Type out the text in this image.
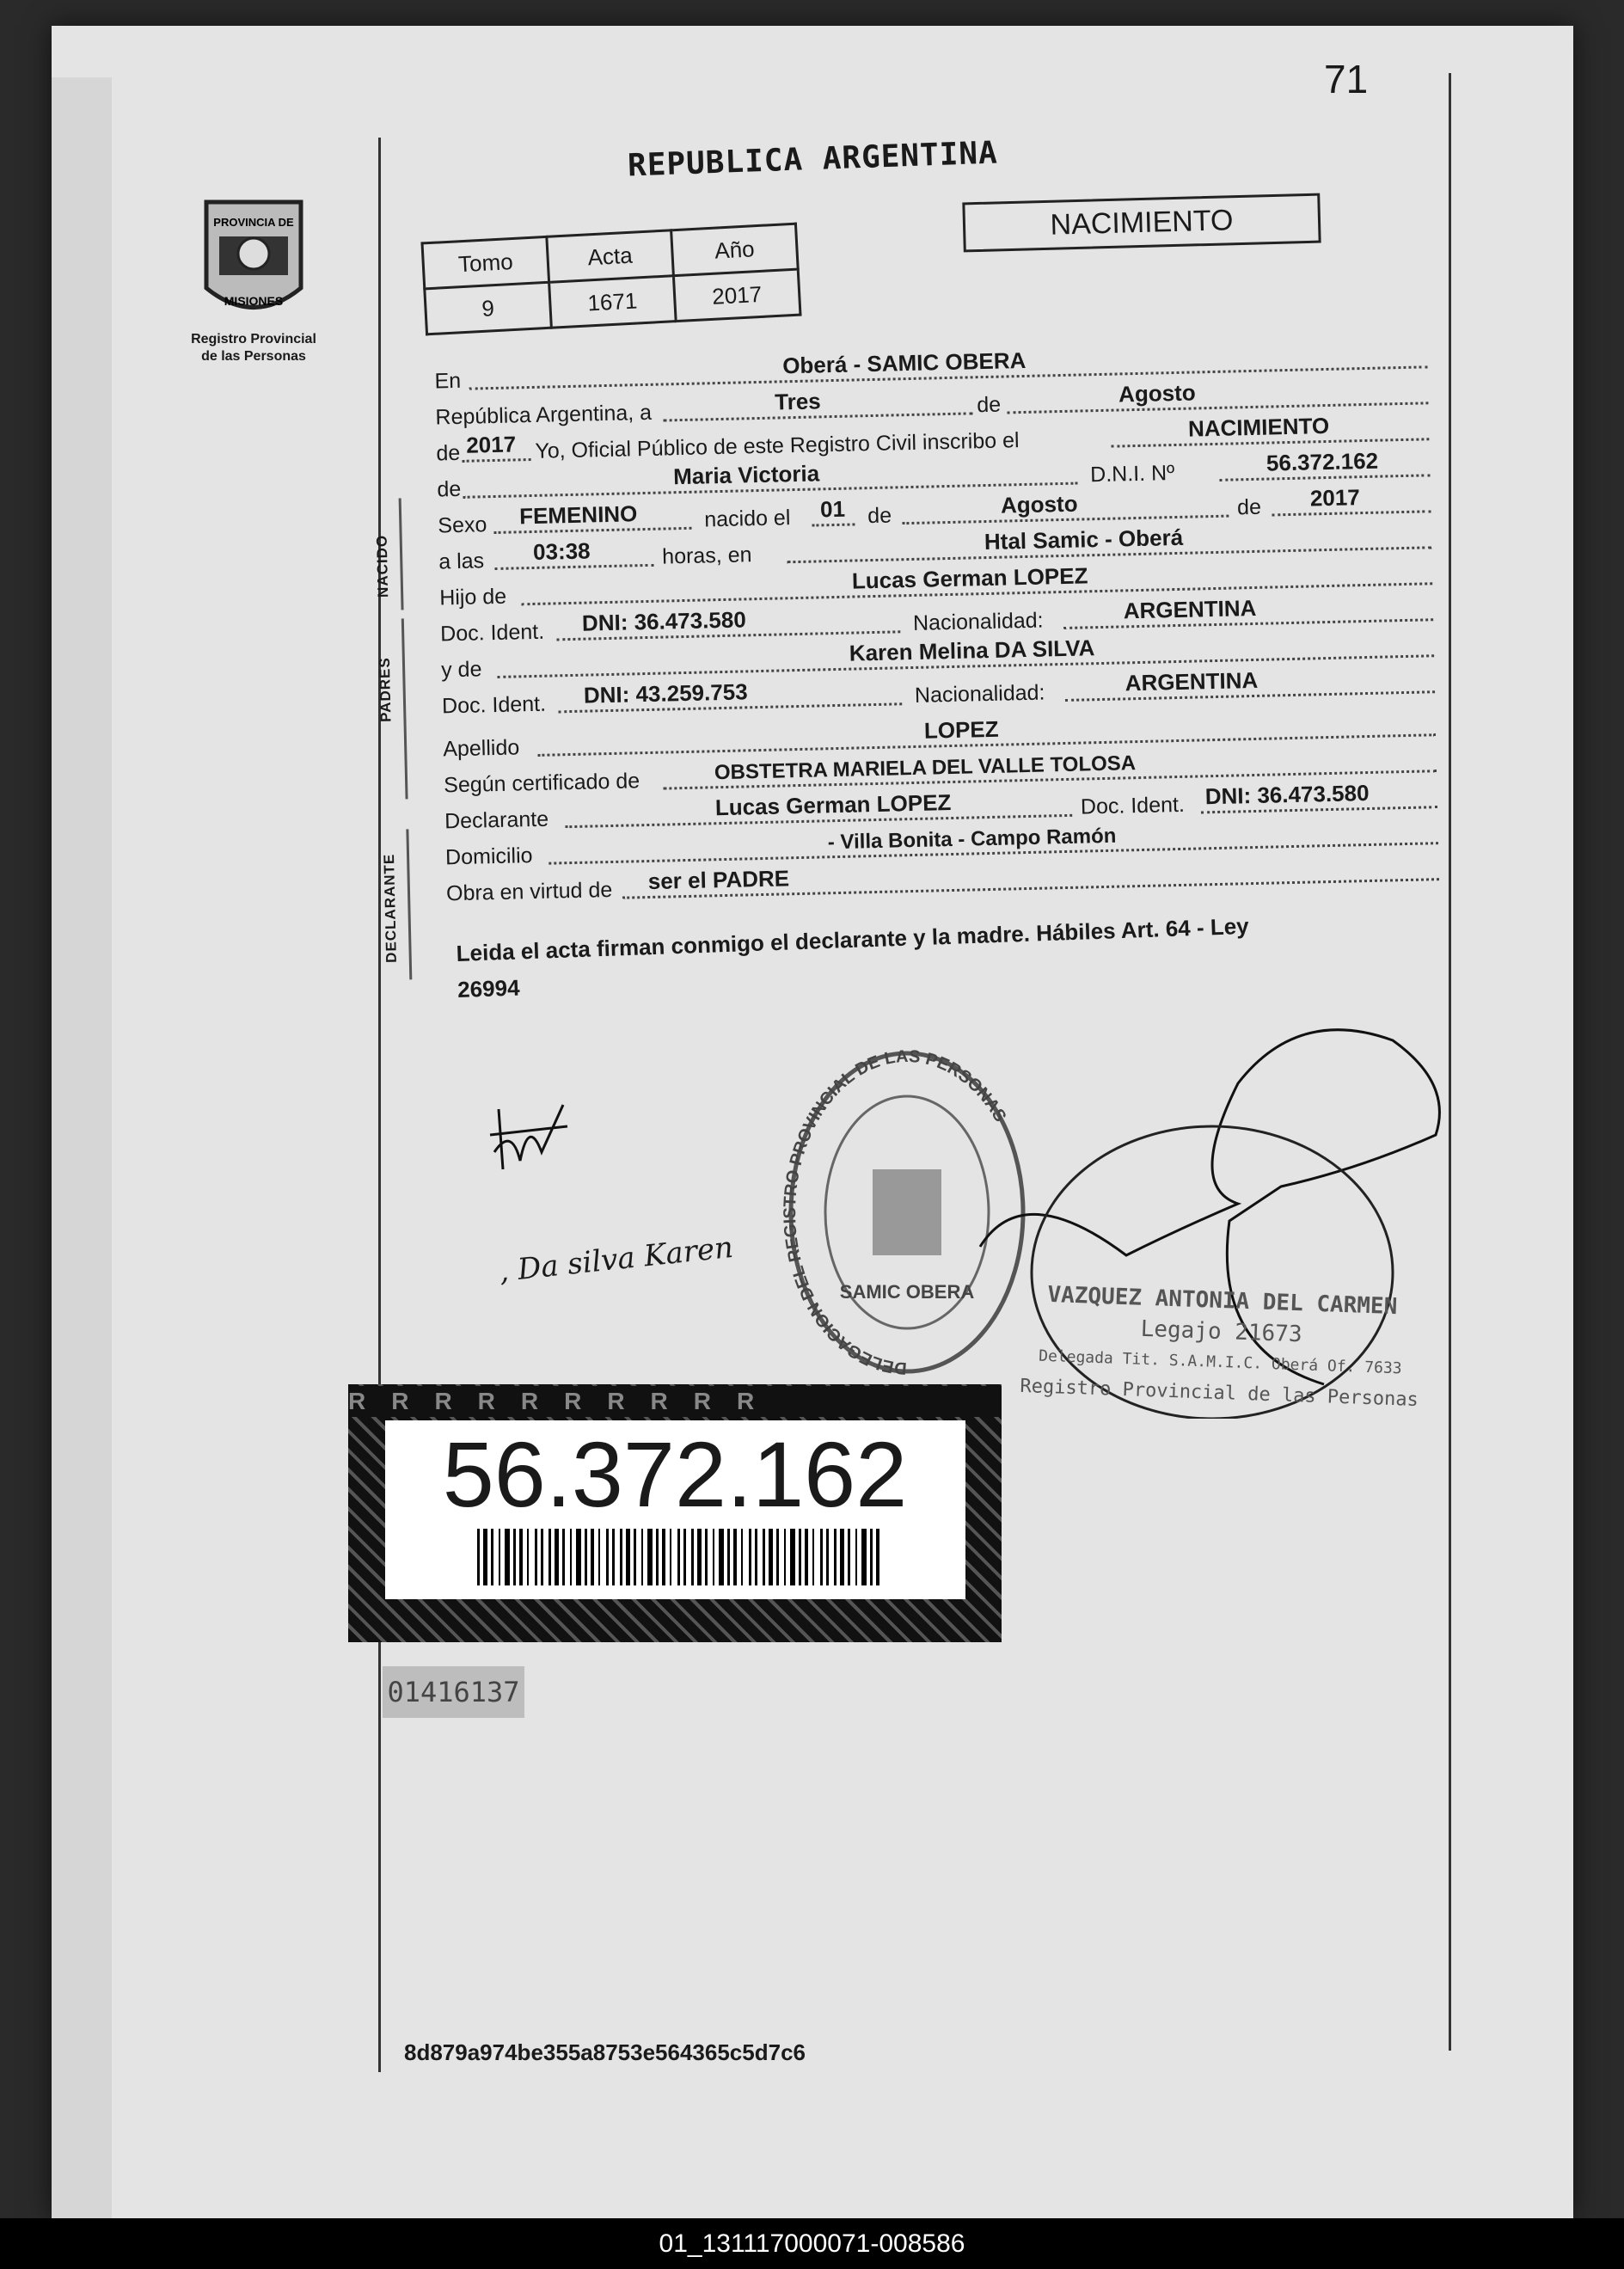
71
REPUBLICA ARGENTINA
NACIMIENTO
Tomo	Acta	Año
9	1671	2017
PROVINCIA DE
MISIONES
Registro Provincial
de las Personas
En
Oberá - SAMIC OBERA
República Argentina, a	Tres	de	Agosto
de 2017 Yo, Oficial Público de este Registro Civil inscribo el
NACIMIENTO
de	Maria Victoria	D.N.I. Nº	56.372.162
Sexo FEMENINO	nacido el 01 de	Agosto	de 2017
a las 03:38	horas, en
Htal Samic - Oberá
Hijo de
Lucas German LOPEZ
Doc. Ident. DNI: 36.473.580	Nacionalidad:	ARGENTINA
y de
Karen Melina DA SILVA
Doc. Ident. DNI: 43.259.753	Nacionalidad:	ARGENTINA
Apellido
LOPEZ
Según certificado de	OBSTETRA MARIELA DEL VALLE TOLOSA
Declarante	Lucas German LOPEZ	Doc. Ident. DNI: 36.473.580
Domicilio
- Villa Bonita - Campo Ramón
Obra en virtud de ser el PADRE
NACIDO
PADRES
DECLARANTE	Leida el acta firman conmigo el declarante y la madre. Hábiles Art. 64 - Ley
26994
, Da silva Karen
DELEGACION DEL REGISTRO PROVINCIAL DE LAS PERSONAS
SAMIC OBERA	VAZQUEZ ANTONIA DEL CARMEN
Legajo 21673
Delegada Tit. S.A.M.I.C. Oberá Of. 7633
Registro Provincial de las Personas
RRRRRRRRRR
56.372.162
01416137
8d879a974be355a8753e564365c5d7c6
01_131117000071-008586
